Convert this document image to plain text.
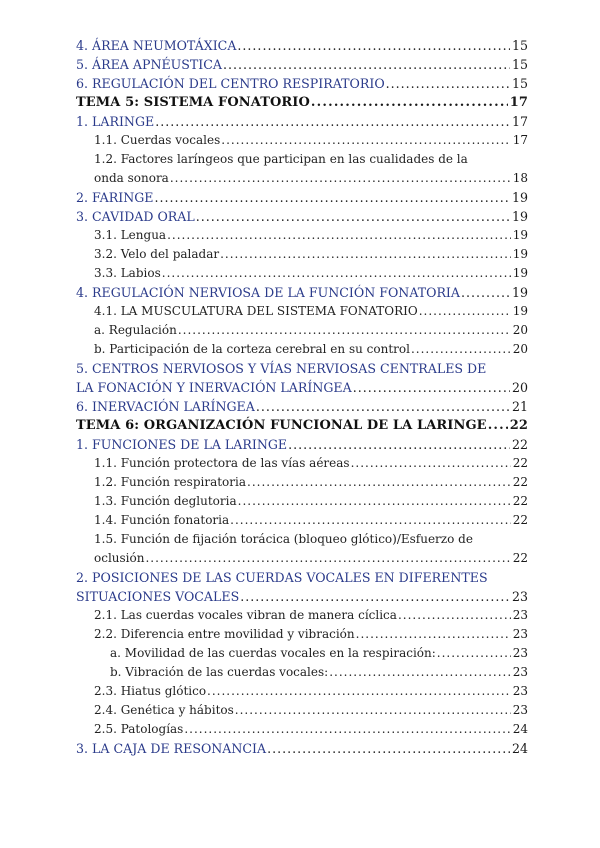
4. ÁREA NEUMOTÁXICA .....	15
5. ÁREA APNÉUSTICA .....	15
6. REGULACIÓN DEL CENTRO RESPIRATORIO .....	15
TEMA 5: SISTEMA FONATORIO .....	17
1. LARINGE .....	17
1.1. Cuerdas vocales .....	17
1.2. Factores laríngeos que participan en las cualidades de la
onda sonora .....	18
2. FARINGE .....	19
3. CAVIDAD ORAL .....	19
3.1. Lengua .....	19
3.2. Velo del paladar .....	19
3.3. Labios .....	19
4. REGULACIÓN NERVIOSA DE LA FUNCIÓN FONATORIA .....	19
4.1. LA MUSCULATURA DEL SISTEMA FONATORIO .....	19
a. Regulación .....	20
b. Participación de la corteza cerebral en su control .....	20
5. CENTROS NERVIOSOS Y VÍAS NERVIOSAS CENTRALES DE
LA FONACIÓN Y INERVACIÓN LARÍNGEA .....	20
6. INERVACIÓN LARÍNGEA .....	21
TEMA 6: ORGANIZACIÓN FUNCIONAL DE LA LARINGE ..... 22
1. FUNCIONES DE LA LARINGE .....	22
1.1. Función protectora de las vías aéreas .....	22
1.2. Función respiratoria .....	22
1.3. Función deglutoria .....	22
1.4. Función fonatoria .....	22
1.5. Función de fijación torácica (bloqueo glótico)/Esfuerzo de
oclusión .....	22
2. POSICIONES DE LAS CUERDAS VOCALES EN DIFERENTES
SITUACIONES VOCALES .....	23
2.1. Las cuerdas vocales vibran de manera cíclica .....	23
2.2. Diferencia entre movilidad y vibración .....	23
a. Movilidad de las cuerdas vocales en la respiración: .....	23
b. Vibración de las cuerdas vocales: .....	23
2.3. Hiatus glótico .....	23
2.4. Genética y hábitos .....	23
2.5. Patologías .....	24
3. LA CAJA DE RESONANCIA .....	24
